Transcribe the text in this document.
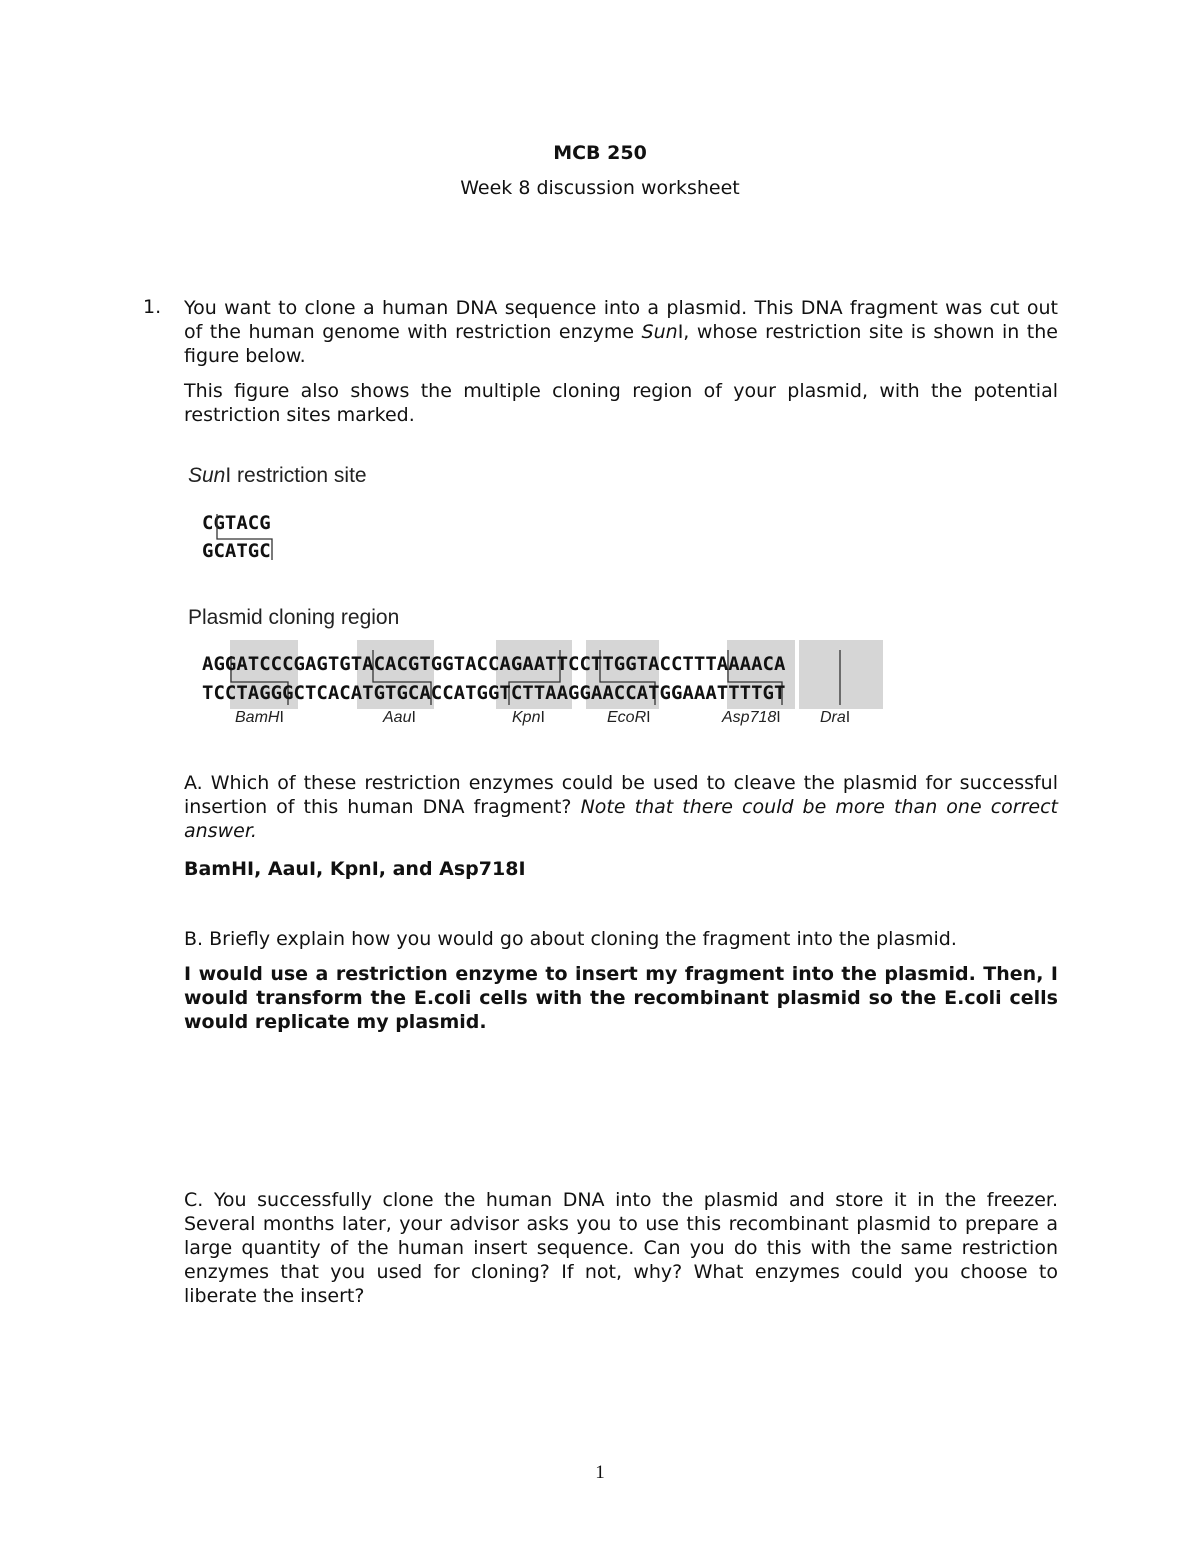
MCB 250
Week 8 discussion worksheet
1. You want to clone a human DNA sequence into a plasmid. This DNA fragment was cut out of the human genome with restriction enzyme SunI, whose restriction site is shown in the figure below.

This figure also shows the multiple cloning region of your plasmid, with the potential restriction sites marked.

SunI restriction site
CGTACG
GCATGC
Plasmid cloning region
AGGATCCCGAGTGTACACGTGGTACCAGAATTCCTTGGTACCTTTAAAACA
TCCTAGGGCTCACATGTGCACCATGGTCTTAAGGAACCATGGAAATTTTGT
BamHI	AauI	KpnI	EcoRI	Asp718I DraI

A. Which of these restriction enzymes could be used to cleave the plasmid for successful insertion of this human DNA fragment? Note that there could be more than one correct answer.

BamHI, AauI, KpnI, and Asp718I

B. Briefly explain how you would go about cloning the fragment into the plasmid.

I would use a restriction enzyme to insert my fragment into the plasmid. Then, I would transform the E.coli cells with the recombinant plasmid so the E.coli cells would replicate my plasmid.

C. You successfully clone the human DNA into the plasmid and store it in the freezer. Several months later, your advisor asks you to use this recombinant plasmid to prepare a large quantity of the human insert sequence. Can you do this with the same restriction enzymes that you used for cloning? If not, why? What enzymes could you choose to liberate the insert?

1
